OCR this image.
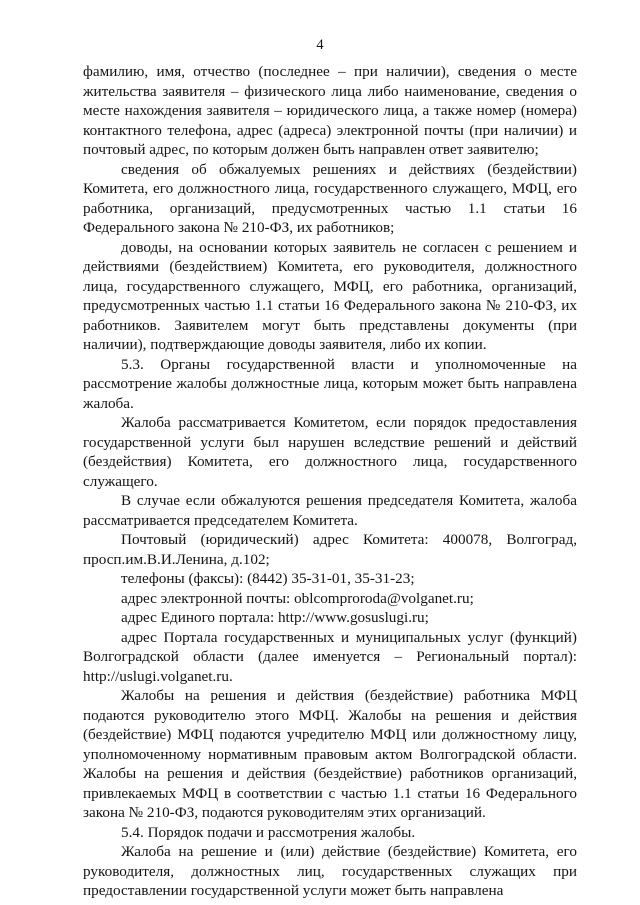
4

фамилию, имя, отчество (последнее – при наличии), сведения о месте жительства заявителя – физического лица либо наименование, сведения о месте нахождения заявителя – юридического лица, а также номер (номера) контактного телефона, адрес (адреса) электронной почты (при наличии) и почтовый адрес, по которым должен быть направлен ответ заявителю;

сведения об обжалуемых решениях и действиях (бездействии) Комитета, его должностного лица, государственного служащего, МФЦ, его работника, организаций, предусмотренных частью 1.1 статьи 16 Федерального закона № 210-ФЗ, их работников;

доводы, на основании которых заявитель не согласен с решением и действиями (бездействием) Комитета, его руководителя, должностного лица, государственного служащего, МФЦ, его работника, организаций, предусмотренных частью 1.1 статьи 16 Федерального закона № 210-ФЗ, их работников. Заявителем могут быть представлены документы (при наличии), подтверждающие доводы заявителя, либо их копии.

5.3. Органы государственной власти и уполномоченные на рассмотрение жалобы должностные лица, которым может быть направлена жалоба.

Жалоба рассматривается Комитетом, если порядок предоставления государственной услуги был нарушен вследствие решений и действий (бездействия) Комитета, его должностного лица, государственного служащего.

В случае если обжалуются решения председателя Комитета, жалоба рассматривается председателем Комитета.

Почтовый (юридический) адрес Комитета: 400078, Волгоград, просп.им.В.И.Ленина, д.102;

телефоны (факсы): (8442) 35-31-01, 35-31-23;

адрес электронной почты: oblcomproroda@volganet.ru;

адрес Единого портала: http://www.gosuslugi.ru;

адрес Портала государственных и муниципальных услуг (функций) Волгоградской области (далее именуется – Региональный портал): http://uslugi.volganet.ru.

Жалобы на решения и действия (бездействие) работника МФЦ подаются руководителю этого МФЦ. Жалобы на решения и действия (бездействие) МФЦ подаются учредителю МФЦ или должностному лицу, уполномоченному нормативным правовым актом Волгоградской области. Жалобы на решения и действия (бездействие) работников организаций, привлекаемых МФЦ в соответствии с частью 1.1 статьи 16 Федерального закона № 210-ФЗ, подаются руководителям этих организаций.

5.4. Порядок подачи и рассмотрения жалобы.

Жалоба на решение и (или) действие (бездействие) Комитета, его руководителя, должностных лиц, государственных служащих при предоставлении государственной услуги может быть направлена
